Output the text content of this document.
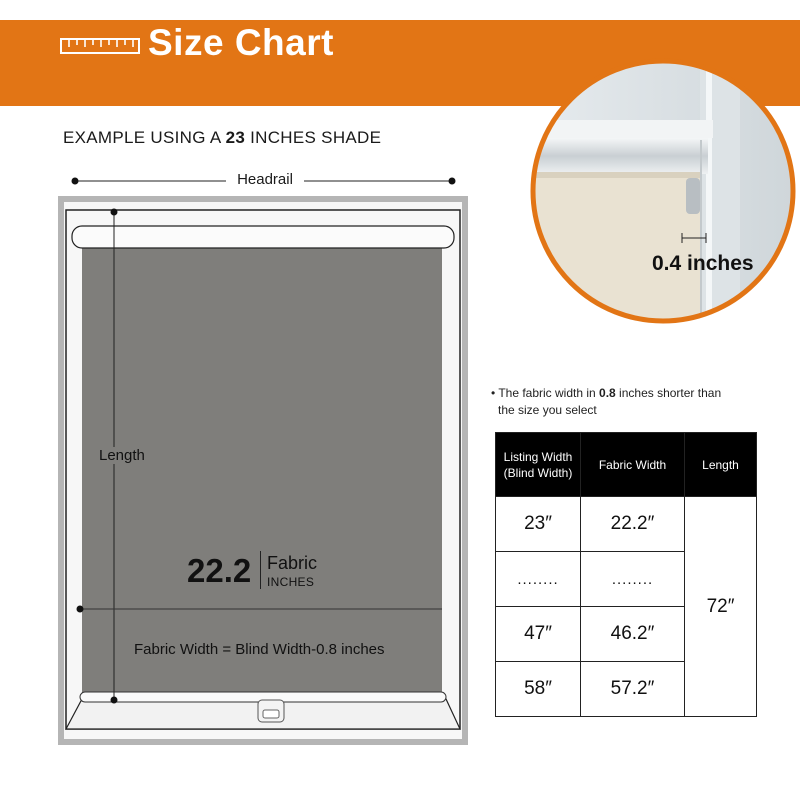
Size Chart
EXAMPLE USING A 23 INCHES SHADE
Headrail
Length
22.2 Fabric
INCHES
Fabric Width = Blind Width-0.8 inches
0.4 inches
• The fabric width in 0.8 inches shorter than
the size you select
Listing Width
(Blind Width)	Fabric Width	Length
23″	22.2″	72″
........	........	
47″	46.2″	
58″	57.2″	
